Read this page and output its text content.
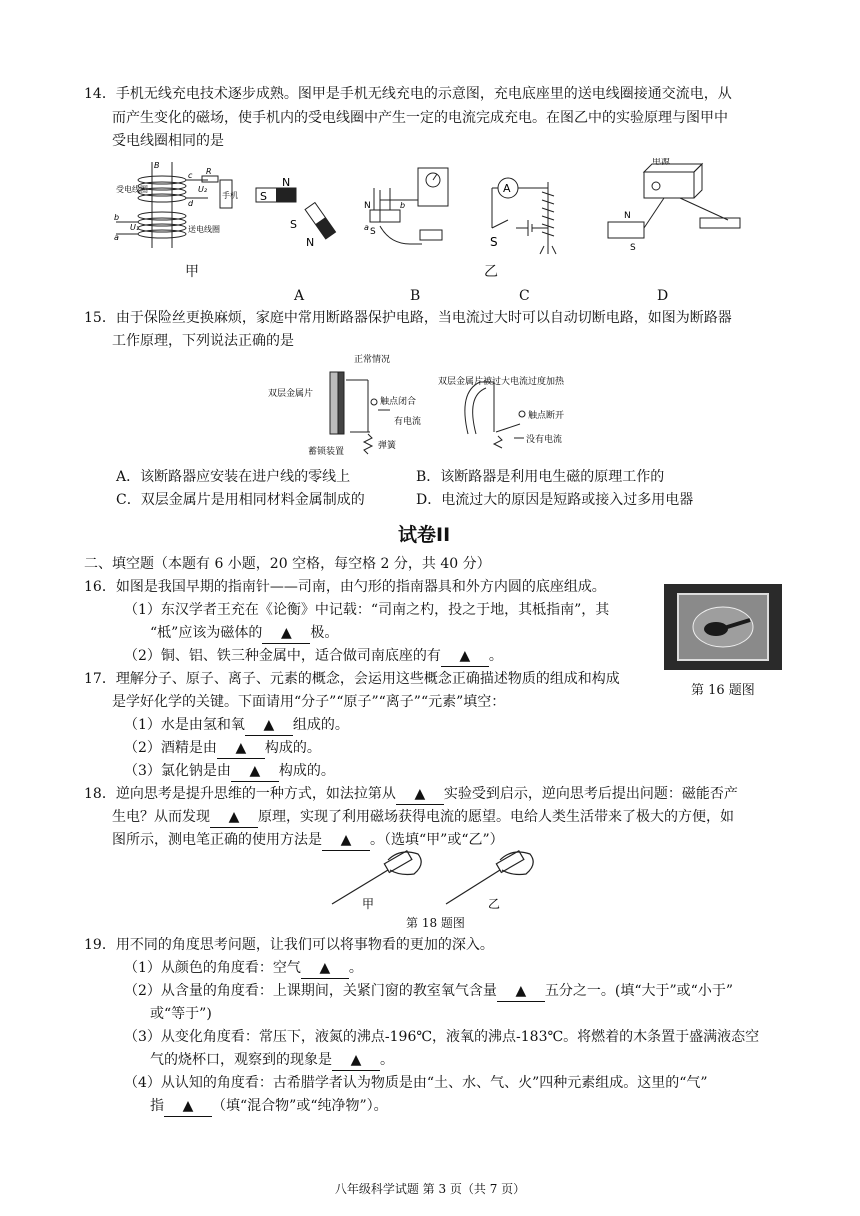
14．手机无线充电技术逐步成熟。图甲是手机无线充电的示意图，充电底座里的送电线圈接通交流电，从
而产生变化的磁场，使手机内的受电线圈中产生一定的电流完成充电。在图乙中的实验原理与图甲中
受电线圈相同的是
受电线圈
送电线圈
手机
B
R
U₂
U₁
c
d
a
b
S
N
S
N
N
S
b
a
A
S
电源
N
S
甲	乙
A	B	C	D
15．由于保险丝更换麻烦，家庭中常用断路器保护电路，当电流过大时可以自动切断电路，如图为断路器
工作原理，下列说法正确的是
正常情况
双层金属片
触点闭合
有电流
蓄锁装置
弹簧
双层金属片被过大电流过度加热
触点断开
没有电流
A．该断路器应安装在进户线的零线上	B．该断路器是利用电生磁的原理工作的
C．双层金属片是用相同材料金属制成的	D．电流过大的原因是短路或接入过多用电器
试卷II
二、填空题（本题有 6 小题，20 空格，每空格 2 分，共 40 分）
16．如图是我国早期的指南针——司南，由勺形的指南器具和外方内圆的底座组成。
（1）东汉学者王充在《论衡》中记载：“司南之杓，投之于地，其柢指南”，其
“柢”应该为磁体的 ▲ 极。
（2）铜、铝、铁三种金属中，适合做司南底座的有 ▲ 。
第 16 题图
17．理解分子、原子、离子、元素的概念，会运用这些概念正确描述物质的组成和构成
是学好化学的关键。下面请用“分子”“原子”“离子”“元素”填空：
（1）水是由氢和氧 ▲ 组成的。
（2）酒精是由 ▲ 构成的。
（3）氯化钠是由 ▲ 构成的。
18．逆向思考是提升思维的一种方式，如法拉第从 ▲ 实验受到启示，逆向思考后提出问题：磁能否产
生电？从而发现 ▲ 原理，实现了利用磁场获得电流的愿望。电给人类生活带来了极大的方便，如
图所示，测电笔正确的使用方法是 ▲ 。（选填“甲”或“乙”）
甲	乙
第 18 题图
19．用不同的角度思考问题，让我们可以将事物看的更加的深入。
（1）从颜色的角度看：空气 ▲ 。
（2）从含量的角度看：上课期间，关紧门窗的教室氧气含量 ▲ 五分之一。(填“大于”或“小于”
或“等于”)
（3）从变化角度看：常压下，液氮的沸点-196℃，液氧的沸点-183℃。将燃着的木条置于盛满液态空
气的烧杯口，观察到的现象是 ▲ 。
（4）从认知的角度看：古希腊学者认为物质是由“土、水、气、火”四种元素组成。这里的“气”
指 ▲ （填“混合物”或“纯净物”）。
八年级科学试题 第 3 页（共 7 页）
